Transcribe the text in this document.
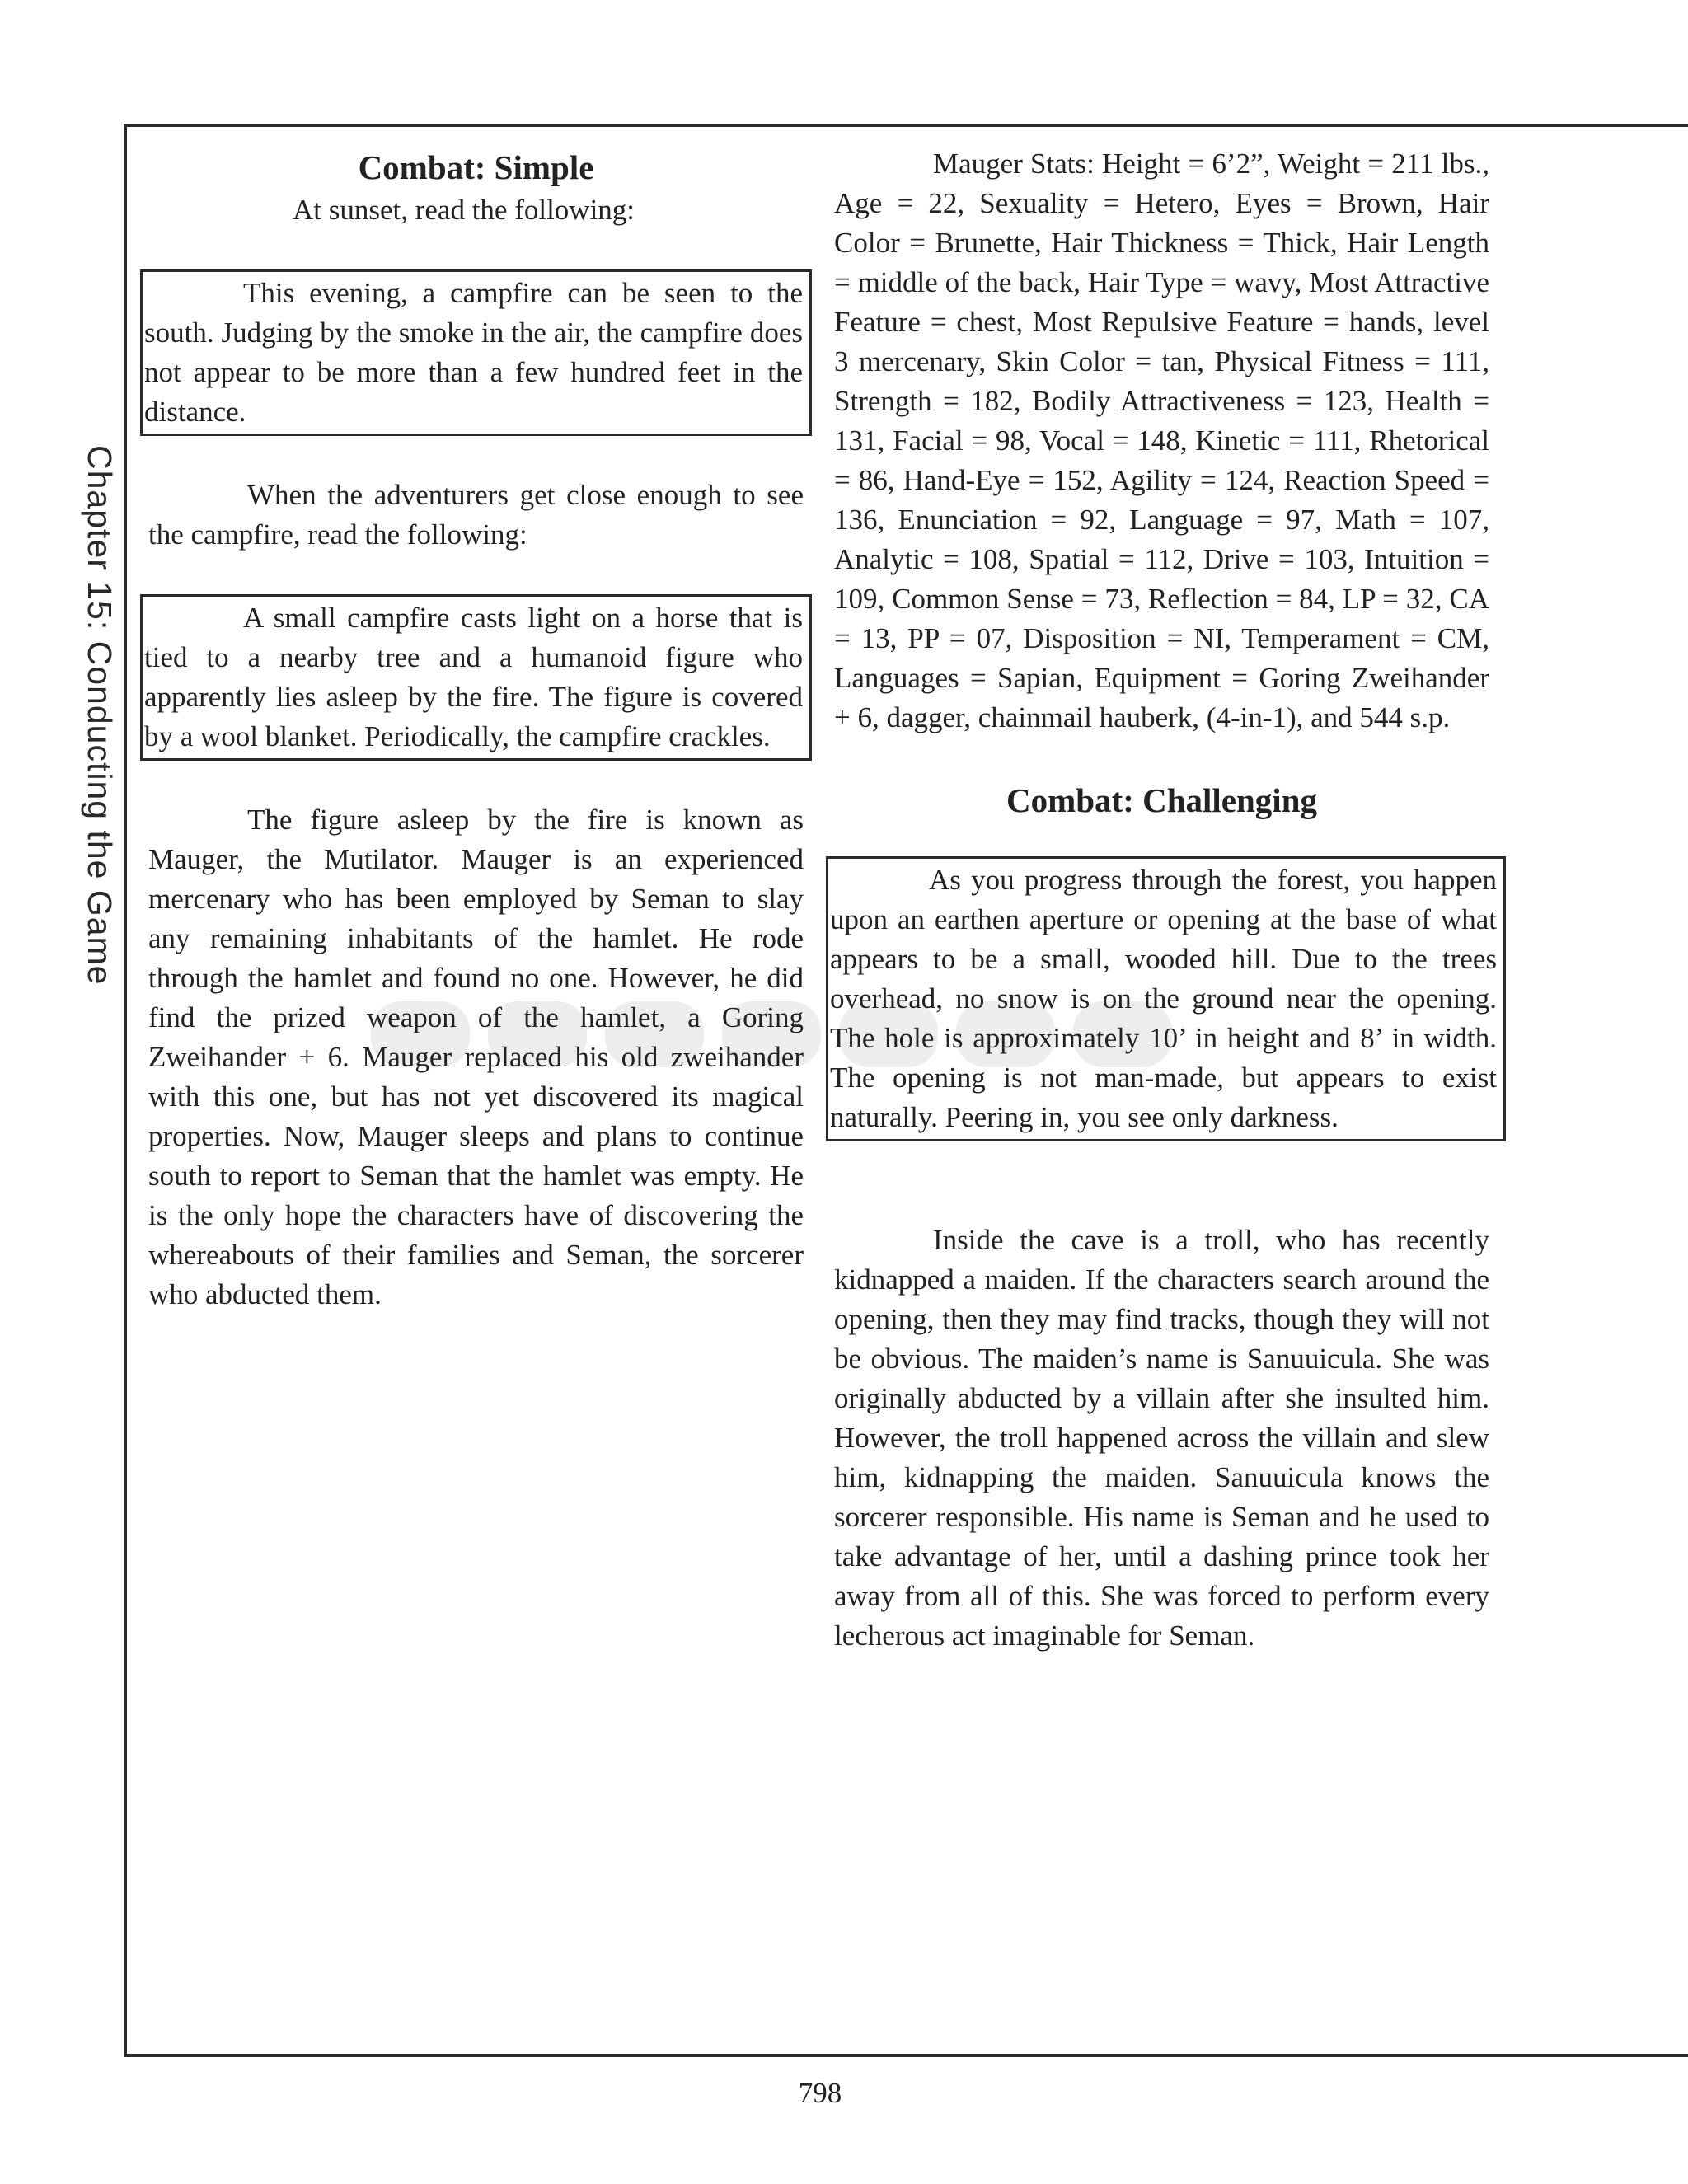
Chapter 15: Conducting the Game
Combat: Simple

At sunset, read the following:

This evening, a campfire can be seen to the south. Judging by the smoke in the air, the campfire does not appear to be more than a few hundred feet in the distance.

When the adventurers get close enough to see the campfire, read the following:

A small campfire casts light on a horse that is tied to a nearby tree and a humanoid figure who apparently lies asleep by the fire. The figure is covered by a wool blanket. Periodically, the campfire crackles.

The figure asleep by the fire is known as Mauger, the Mutilator. Mauger is an experienced mercenary who has been employed by Seman to slay any remaining inhabitants of the hamlet. He rode through the hamlet and found no one. However, he did find the prized weapon of the hamlet, a Goring Zweihander + 6. Mauger replaced his old zweihander with this one, but has not yet discovered its magical properties. Now, Mauger sleeps and plans to continue south to report to Seman that the hamlet was empty. He is the only hope the characters have of discovering the whereabouts of their families and Seman, the sorcerer who abducted them.

Mauger Stats: Height = 6’2”, Weight = 211 lbs., Age = 22, Sexuality = Hetero, Eyes = Brown, Hair Color = Brunette, Hair Thickness = Thick, Hair Length = middle of the back, Hair Type = wavy, Most Attractive Feature = chest, Most Repulsive Feature = hands, level 3 mercenary, Skin Color = tan, Physical Fitness = 111, Strength = 182, Bodily Attractiveness = 123, Health = 131, Facial = 98, Vocal = 148, Kinetic = 111, Rhetorical = 86, Hand-Eye = 152, Agility = 124, Reaction Speed = 136, Enunciation = 92, Language = 97, Math = 107, Analytic = 108, Spatial = 112, Drive = 103, Intuition = 109, Common Sense = 73, Reflection = 84, LP = 32, CA = 13, PP = 07, Disposition = NI, Temperament = CM, Languages = Sapian, Equipment = Goring Zweihander + 6, dagger, chainmail hauberk, (4-in-1), and 544 s.p.

Combat: Challenging

As you progress through the forest, you happen upon an earthen aperture or opening at the base of what appears to be a small, wooded hill. Due to the trees overhead, no snow is on the ground near the opening. The hole is approximately 10’ in height and 8’ in width. The opening is not man-made, but appears to exist naturally. Peering in, you see only darkness.

Inside the cave is a troll, who has recently kidnapped a maiden. If the characters search around the opening, then they may find tracks, though they will not be obvious. The maiden’s name is Sanuuicula. She was originally abducted by a villain after she insulted him. However, the troll happened across the villain and slew him, kidnapping the maiden. Sanuuicula knows the sorcerer responsible. His name is Seman and he used to take advantage of her, until a dashing prince took her away from all of this. She was forced to perform every lecherous act imaginable for Seman.

798
